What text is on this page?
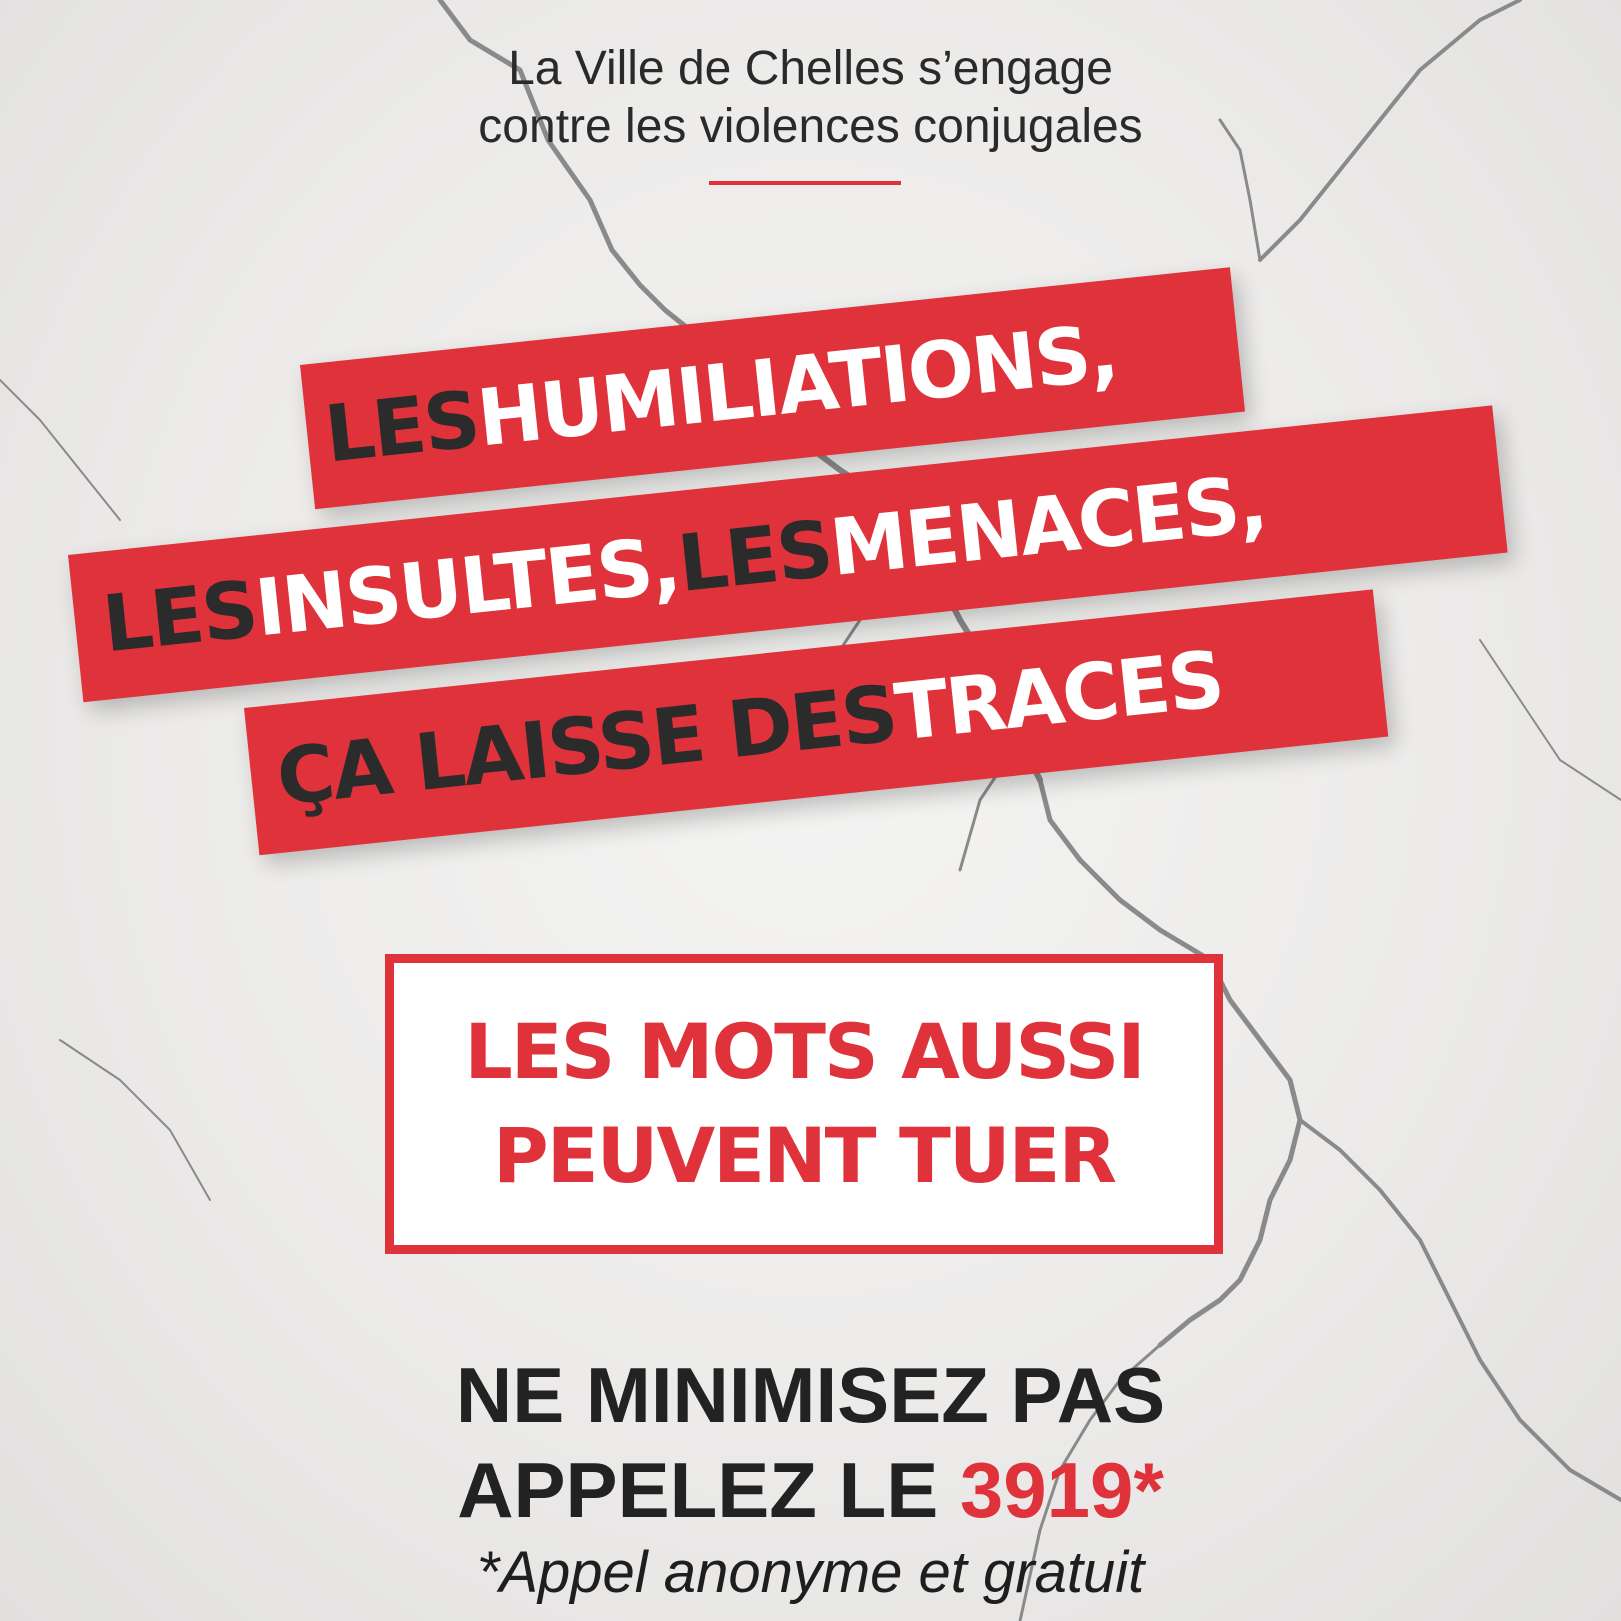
La Ville de Chelles s’engage
contre les violences conjugales
LES
HUMILIATIONS,
LES
INSULTES,
LES
MENACES,
ÇA LAISSE DES
TRACES
LES MOTS AUSSI
PEUVENT TUER
NE MINIMISEZ PAS
APPELEZ LE 3919*
*Appel anonyme et gratuit
